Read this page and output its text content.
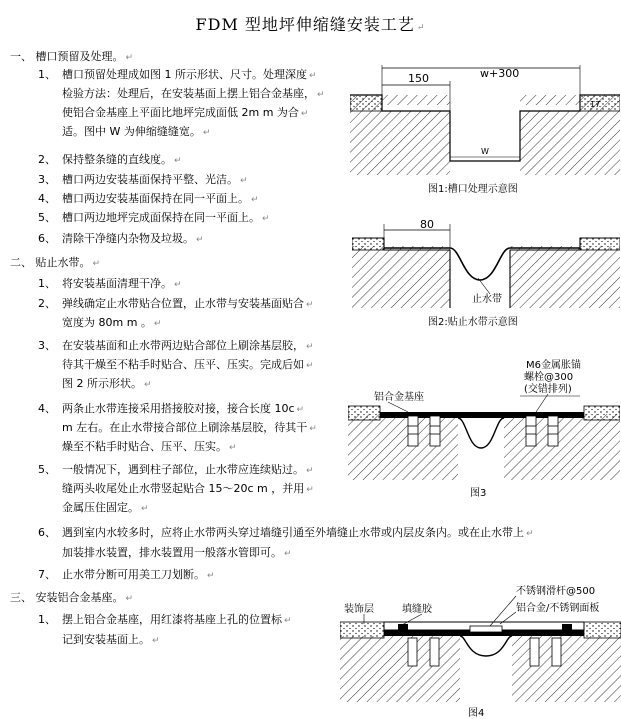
FDM 型地坪伸缩缝安装工艺 ↵
一、 槽口预留及处理。 ↵
1、 槽口预留处理成如图 1 所示形状、尺寸。处理深度 ↵
检验方法：处理后，在安装基面上摆上铝合金基座， ↵
使铝合金基座上平面比地坪完成面低 2m m 为合 ↵
适。图中 W 为伸缩缝缝宽。 ↵
2、 保持整条缝的直线度。 ↵
3、 槽口两边安装基面保持平整、光洁。 ↵
4、 槽口两边安装基面保持在同一平面上。 ↵
5、 槽口两边地坪完成面保持在同一平面上。 ↵
6、 清除干净缝内杂物及垃圾。 ↵
二、 贴止水带。 ↵
1、 将安装基面清理干净。 ↵
2、 弹线确定止水带贴合位置，止水带与安装基面贴合 ↵
宽度为 80m m 。 ↵
3、 在安装基面和止水带两边贴合部位上刷涂基层胶， ↵
待其干燥至不粘手时贴合、压平、压实。完成后如 ↵
图 2 所示形状。 ↵
4、 两条止水带连接采用搭接胶对接，接合长度 10c ↵
m 左右。在止水带接合部位上刷涂基层胶，待其干 ↵
燥至不粘手时贴合、压平、压实。 ↵
5、 一般情况下，遇到柱子部位，止水带应连续贴过。 ↵
缝两头收尾处止水带竖起贴合 15～20c m ，并用 ↵
金属压住固定。 ↵
6、 遇到室内水较多时，应将止水带两头穿过墙缝引通至外墙缝止水带或内层皮条内。或在止水带上 ↵
加装排水装置，排水装置用一般落水管即可。 ↵
7、 止水带分断可用美工刀划断。 ↵
三、 安装铝合金基座。 ↵
1、 摆上铝合金基座，用红漆将基座上孔的位置标 ↵
记到安装基面上。 ↵
w+300
150
W
17
图1:槽口处理示意图
80
止水带
图2:贴止水带示意图
铝合金基座
M6金属胀锚
螺栓@300
(交错排列)
图3
装饰层	填缝胶
不锈钢滑杆@500
铝合金/不锈钢面板
图4
